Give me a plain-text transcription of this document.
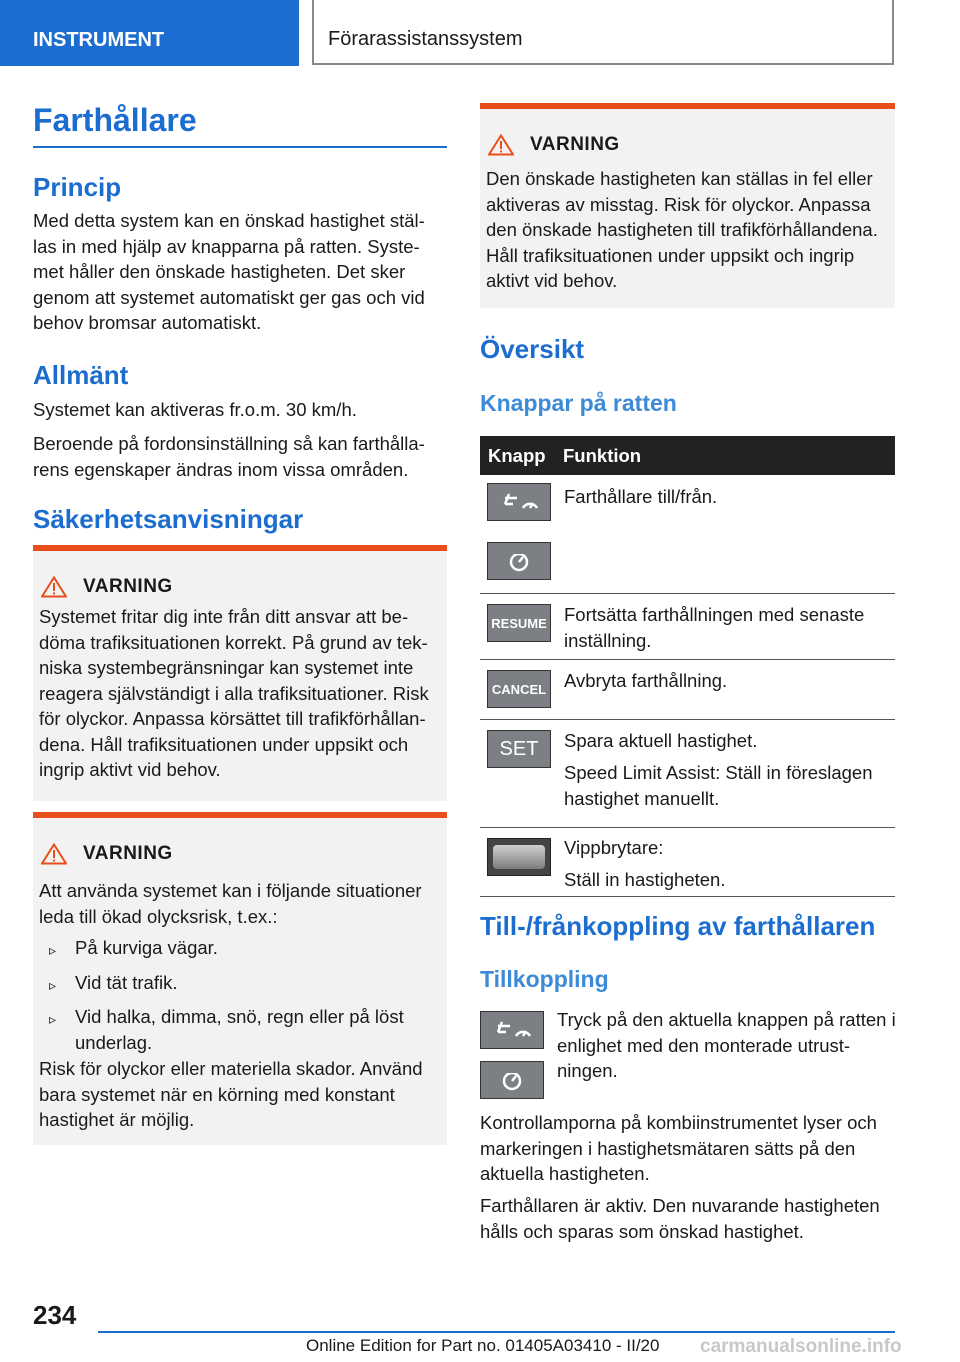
INSTRUMENT	Förarassistanssystem
Farthållare
Princip
Med detta system kan en önskad hastighet stäl- las in med hjälp av knapparna på ratten. Syste- met håller den önskade hastigheten. Det sker genom att systemet automatiskt ger gas och vid behov bromsar automatiskt.
Allmänt
Systemet kan aktiveras fr.o.m. 30 km/h.
Beroende på fordonsinställning så kan farthålla- rens egenskaper ändras inom vissa områden.
Säkerhetsanvisningar
VARNING
Systemet fritar dig inte från ditt ansvar att be- döma trafiksituationen korrekt. På grund av tek- niska systembegränsningar kan systemet inte reagera självständigt i alla trafiksituationer. Risk för olyckor. Anpassa körsättet till trafikförhållan- dena. Håll trafiksituationen under uppsikt och ingrip aktivt vid behov.
VARNING
Att använda systemet kan i följande situationer leda till ökad olycksrisk, t.ex.:
▹	På kurviga vägar.
▹	Vid tät trafik.
▹	Vid halka, dimma, snö, regn eller på löst underlag.
Risk för olyckor eller materiella skador. Använd bara systemet när en körning med konstant hastighet är möjlig.
VARNING
Den önskade hastigheten kan ställas in fel eller aktiveras av misstag. Risk för olyckor. Anpassa den önskade hastigheten till trafikförhållandena. Håll trafiksituationen under uppsikt och ingrip aktivt vid behov.
Översikt
Knappar på ratten
Knapp Funktion
Farthållare till/från.
RESUME Fortsätta farthållningen med senaste inställning.
CANCEL Avbryta farthållning.
SET	Spara aktuell hastighet.
Speed Limit Assist: Ställ in föreslagen hastighet manuellt.
Vippbrytare:
Ställ in hastigheten.
Till-/frånkoppling av farthållaren
Tillkoppling
Tryck på den aktuella knappen på ratten i enlighet med den monterade utrust- ningen.
Kontrollamporna på kombiinstrumentet lyser och markeringen i hastighetsmätaren sätts på den aktuella hastigheten.
Farthållaren är aktiv. Den nuvarande hastigheten hålls och sparas som önskad hastighet.
234
Online Edition for Part no. 01405A03410 - II/20 carmanualsonline.info
